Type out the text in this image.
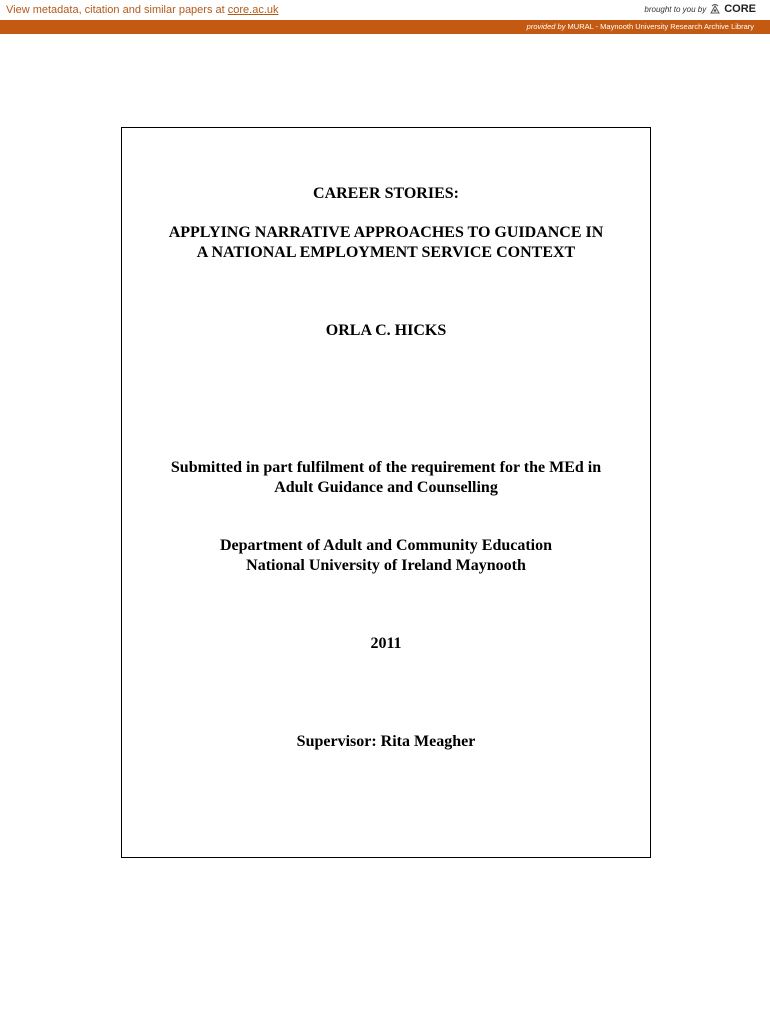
View metadata, citation and similar papers at core.ac.uk	brought to you by CORE
provided by MURAL - Maynooth University Research Archive Library
CAREER STORIES:
APPLYING NARRATIVE APPROACHES TO GUIDANCE IN
A NATIONAL EMPLOYMENT SERVICE CONTEXT
ORLA C. HICKS
Submitted in part fulfilment of the requirement for the MEd in
Adult Guidance and Counselling
Department of Adult and Community Education
National University of Ireland Maynooth
2011
Supervisor: Rita Meagher
